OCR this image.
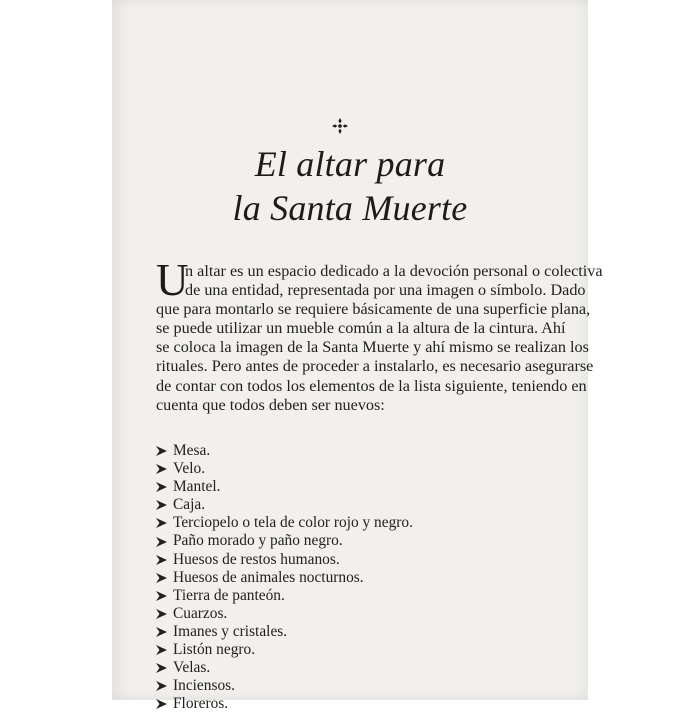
El altar para
la Santa Muerte
U
n altar es un espacio dedicado a la devoción personal o colectiva
de una entidad, representada por una imagen o símbolo. Dado
que para montarlo se requiere básicamente de una superficie plana,
se puede utilizar un mueble común a la altura de la cintura. Ahí
se coloca la imagen de la Santa Muerte y ahí mismo se realizan los
rituales. Pero antes de proceder a instalarlo, es necesario asegurarse
de contar con todos los elementos de la lista siguiente, teniendo en
cuenta que todos deben ser nuevos:
Mesa.
Velo.
Mantel.
Caja.
Terciopelo o tela de color rojo y negro.
Paño morado y paño negro.
Huesos de restos humanos.
Huesos de animales nocturnos.
Tierra de panteón.
Cuarzos.
Imanes y cristales.
Listón negro.
Velas.
Inciensos.
Floreros.
